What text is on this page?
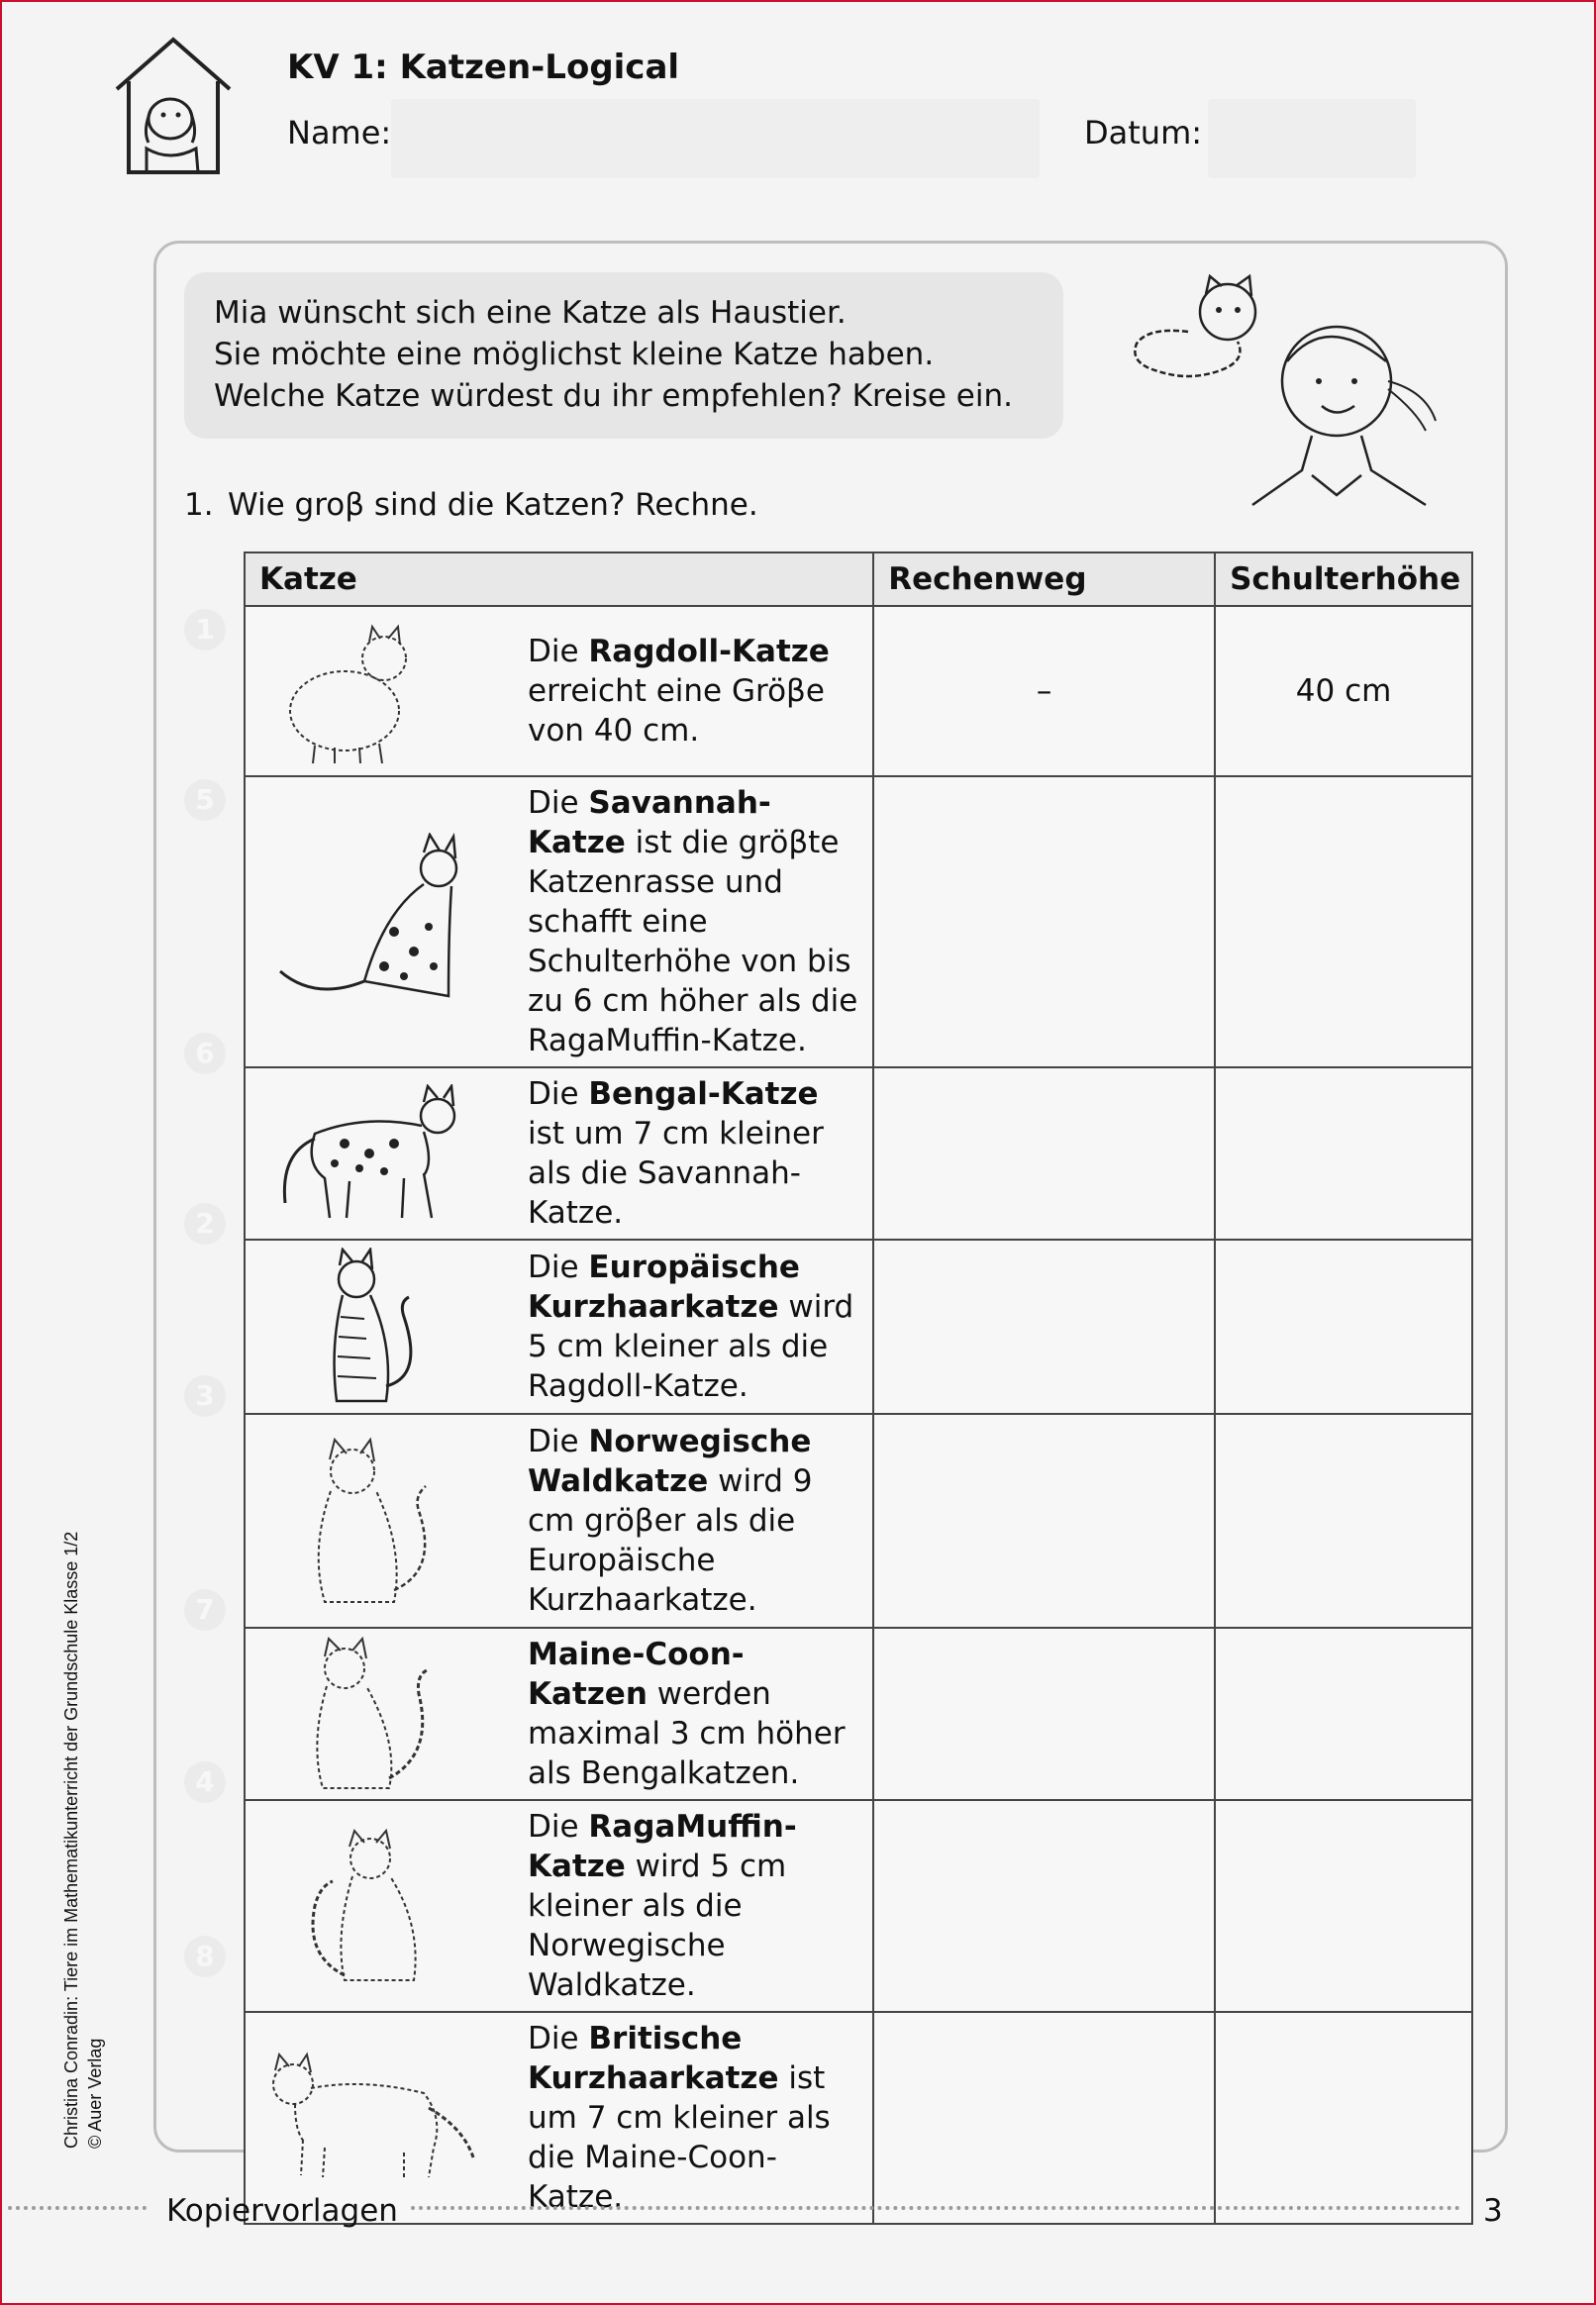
KV 1: Katzen-Logical
Name:	Datum:
Mia wünscht sich eine Katze als Haustier.
Sie möchte eine möglichst kleine Katze haben.
Welche Katze würdest du ihr empfehlen? Kreise ein.
1. Wie groβ sind die Katzen? Rechne.
1
5
6
2
3
7
4
8
Katze	Rechenweg	Schulterhöhe

Die Ragdoll-Katze erreicht eine Gröβe von 40 cm.	–	40 cm

Die Savannah-Katze ist die gröβte Katzenrasse und schafft eine Schulterhöhe von bis zu 6 cm höher als die RagaMuffin-Katze.		

Die Bengal-Katze ist um 7 cm kleiner als die Savannah-Katze.		

Die Europäische Kurzhaarkatze wird 5 cm kleiner als die Ragdoll-Katze.		

Die Norwegische Waldkatze wird 9 cm gröβer als die Europäische Kurzhaarkatze.		

Maine-Coon-Katzen werden maximal 3 cm höher als Bengalkatzen.		

Die RagaMuffin-Katze wird 5 cm kleiner als die Norwegische Waldkatze.		

Die Britische Kurzhaarkatze ist um 7 cm kleiner als die Maine-Coon-Katze.		

Christina Conradin: Tiere im Mathematikunterricht der Grundschule Klasse 1/2 © Auer Verlag
Kopiervorlagen	3
